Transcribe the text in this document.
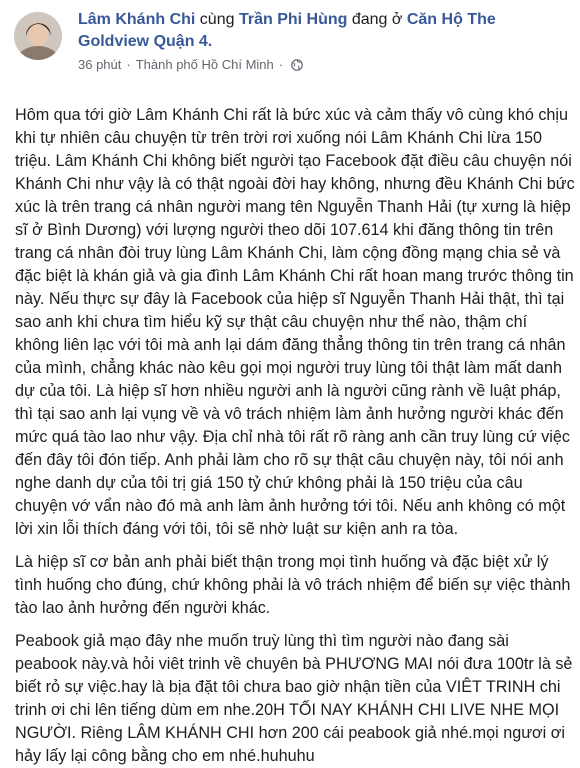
Lâm Khánh Chi cùng Trần Phi Hùng đang ở Căn Hộ The
Goldview Quận 4.
36 phút · Thành phố Hồ Chí Minh ·

Hôm qua tới giờ Lâm Khánh Chi rất là bức xúc và cảm thấy vô cùng khó chịu khi tự nhiên câu chuyện từ trên trời rơi xuống nói Lâm Khánh Chi lừa 150 triệu. Lâm Khánh Chi không biết người tạo Facebook đặt điều câu chuyện nói Khánh Chi như vậy là có thật ngoài đời hay không, nhưng đều Khánh Chi bức xúc là trên trang cá nhân người mang tên Nguyễn Thanh Hải (tự xưng là hiệp sĩ ở Bình Dương) với lượng người theo dõi 107.614 khi đăng thông tin trên trang cá nhân đòi truy lùng Lâm Khánh Chi, làm cộng đồng mạng chia sẻ và đặc biệt là khán giả và gia đình Lâm Khánh Chi rất hoan mang trước thông tin này. Nếu thực sự đây là Facebook của hiệp sĩ Nguyễn Thanh Hải thật, thì tại sao anh khi chưa tìm hiểu kỹ sự thật câu chuyện như thế nào, thậm chí không liên lạc với tôi mà anh lại dám đăng thẳng thông tin trên trang cá nhân của mình, chẳng khác nào kêu gọi mọi người truy lùng tôi thật làm mất danh dự của tôi. Là hiệp sĩ hơn nhiều người anh là người cũng rành về luật pháp, thì tại sao anh lại vụng về và vô trách nhiệm làm ảnh hưởng người khác đến mức quá tào lao như vậy. Địa chỉ nhà tôi rất rõ ràng anh cần truy lùng cứ việc đến đây tôi đón tiếp. Anh phải làm cho rõ sự thật câu chuyện này, tôi nói anh nghe danh dự của tôi trị giá 150 tỷ chứ không phải là 150 triệu của câu chuyện vớ vẩn nào đó mà anh làm ảnh hưởng tới tôi. Nếu anh không có một lời xin lỗi thích đáng với tôi, tôi sẽ nhờ luật sư kiện anh ra tòa.

Là hiệp sĩ cơ bản anh phải biết thận trong mọi tình huống và đặc biệt xử lý tình huống cho đúng, chứ không phải là vô trách nhiệm để biến sự việc thành tào lao ảnh hưởng đến người khác.

Peabook giả mạo đây nhe muốn truỳ lùng thì tìm người nào đang sài peabook này.và hỏi viêt trinh về chuyên bà PHƯƠNG MAI nói đưa 100tr là sẻ biết rỏ sự việc.hay là bịa đặt tôi chưa bao giờ nhận tiền của VIÊT TRINH chi trinh ơi chi lên tiếng dùm em nhe.20H TỐI NAY KHÁNH CHI LIVE NHE MỌI NGƯỜI. Riêng LÂM KHÁNH CHI hơn 200 cái peabook giả nhé.mọi ngươi ơi hảy lấy lại công bằng cho em nhé.huhuhu
